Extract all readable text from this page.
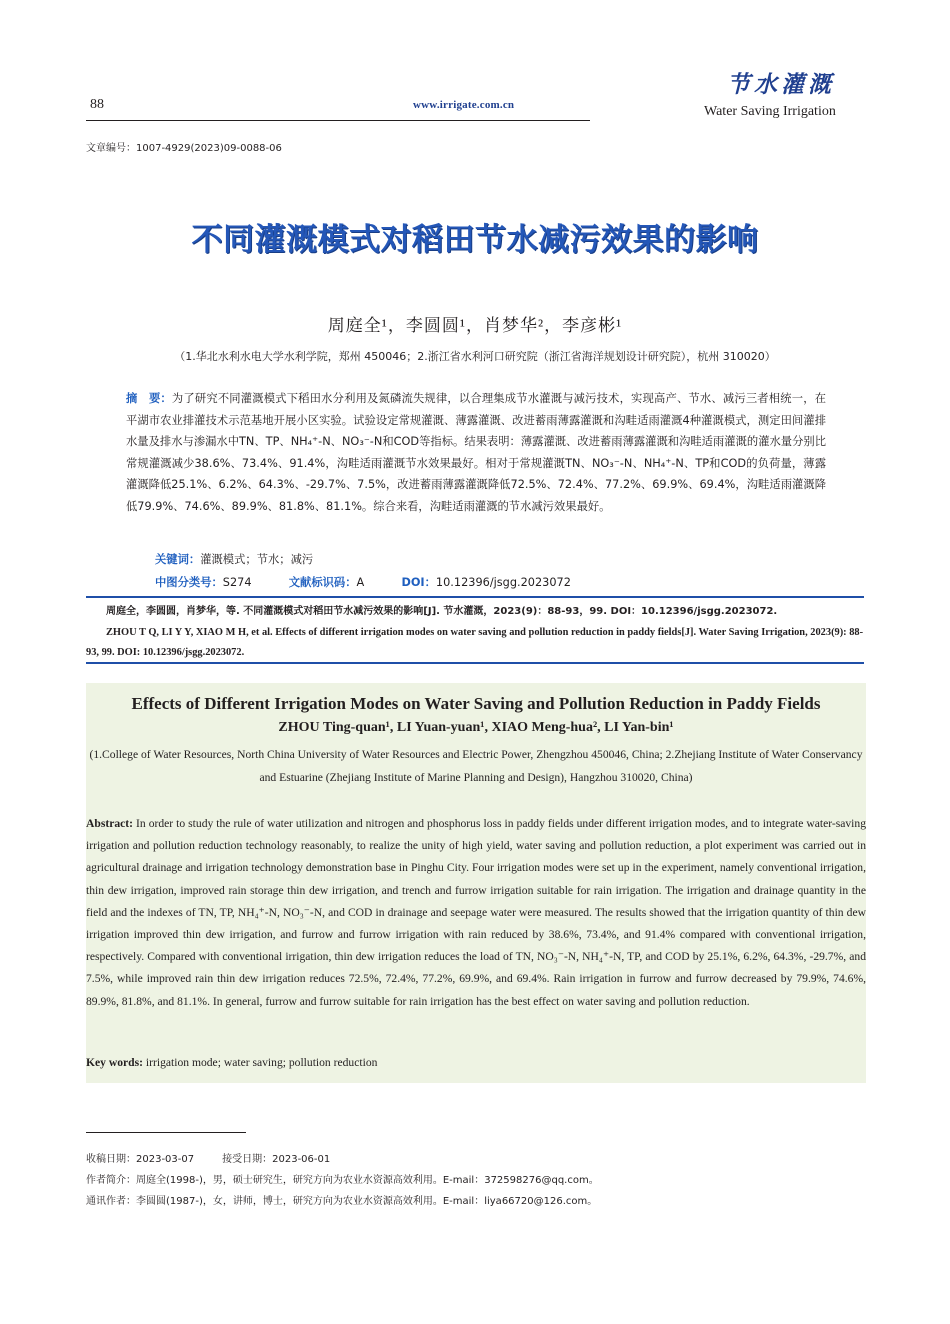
88	www.irrigate.com.cn
节水灌溉
Water Saving Irrigation
文章编号：1007-4929(2023)09-0088-06
不同灌溉模式对稻田节水减污效果的影响
周庭全¹，李圆圆¹，肖梦华²，李彦彬¹
（1.华北水利水电大学水利学院，郑州 450046；2.浙江省水利河口研究院（浙江省海洋规划设计研究院），杭州 310020）
摘　要：为了研究不同灌溉模式下稻田水分利用及氮磷流失规律，以合理集成节水灌溉与减污技术，实现高产、节水、减污三者相统一，在平湖市农业排灌技术示范基地开展小区实验。试验设定常规灌溉、薄露灌溉、改进蓄雨薄露灌溉和沟畦适雨灌溉4种灌溉模式，测定田间灌排水量及排水与渗漏水中TN、TP、NH₄⁺-N、NO₃⁻-N和COD等指标。结果表明：薄露灌溉、改进蓄雨薄露灌溉和沟畦适雨灌溉的灌水量分别比常规灌溉减少38.6%、73.4%、91.4%，沟畦适雨灌溉节水效果最好。相对于常规灌溉TN、NO₃⁻-N、NH₄⁺-N、TP和COD的负荷量，薄露灌溉降低25.1%、6.2%、64.3%、-29.7%、7.5%，改进蓄雨薄露灌溉降低72.5%、72.4%、77.2%、69.9%、69.4%，沟畦适雨灌溉降低79.9%、74.6%、89.9%、81.8%、81.1%。综合来看，沟畦适雨灌溉的节水减污效果最好。
关键词：灌溉模式；节水；减污
中图分类号：S274	文献标识码：A	DOI：10.12396/jsgg.2023072
周庭全，李圆圆，肖梦华，等. 不同灌溉模式对稻田节水减污效果的影响[J]. 节水灌溉，2023(9)：88-93，99. DOI：10.12396/jsgg.2023072.
ZHOU T Q, LI Y Y, XIAO M H, et al. Effects of different irrigation modes on water saving and pollution reduction in paddy fields[J]. Water Saving Irrigation, 2023(9): 88-93, 99. DOI: 10.12396/jsgg.2023072.
Effects of Different Irrigation Modes on Water Saving and Pollution Reduction in Paddy Fields
ZHOU Ting-quan¹, LI Yuan-yuan¹, XIAO Meng-hua², LI Yan-bin¹
(1.College of Water Resources, North China University of Water Resources and Electric Power, Zhengzhou 450046, China; 2.Zhejiang Institute of Water Conservancy and Estuarine (Zhejiang Institute of Marine Planning and Design), Hangzhou 310020, China)
Abstract: In order to study the rule of water utilization and nitrogen and phosphorus loss in paddy fields under different irrigation modes, and to integrate water-saving irrigation and pollution reduction technology reasonably, to realize the unity of high yield, water saving and pollution reduction, a plot experiment was carried out in agricultural drainage and irrigation technology demonstration base in Pinghu City. Four irrigation modes were set up in the experiment, namely conventional irrigation, thin dew irrigation, improved rain storage thin dew irrigation, and trench and furrow irrigation suitable for rain irrigation. The irrigation and drainage quantity in the field and the indexes of TN, TP, NH₄⁺-N, NO₃⁻-N, and COD in drainage and seepage water were measured. The results showed that the irrigation quantity of thin dew irrigation improved thin dew irrigation, and furrow and furrow irrigation with rain reduced by 38.6%, 73.4%, and 91.4% compared with conventional irrigation, respectively. Compared with conventional irrigation, thin dew irrigation reduces the load of TN, NO₃⁻-N, NH₄⁺-N, TP, and COD by 25.1%, 6.2%, 64.3%, -29.7%, and 7.5%, while improved rain thin dew irrigation reduces 72.5%, 72.4%, 77.2%, 69.9%, and 69.4%. Rain irrigation in furrow and furrow decreased by 79.9%, 74.6%, 89.9%, 81.8%, and 81.1%. In general, furrow and furrow suitable for rain irrigation has the best effect on water saving and pollution reduction.
Key words: irrigation mode; water saving; pollution reduction
收稿日期：2023-03-07	接受日期：2023-06-01
作者简介：周庭全(1998-)，男，硕士研究生，研究方向为农业水资源高效利用。E-mail：372598276@qq.com。
通讯作者：李圆圆(1987-)，女，讲师，博士，研究方向为农业水资源高效利用。E-mail：liya66720@126.com。
